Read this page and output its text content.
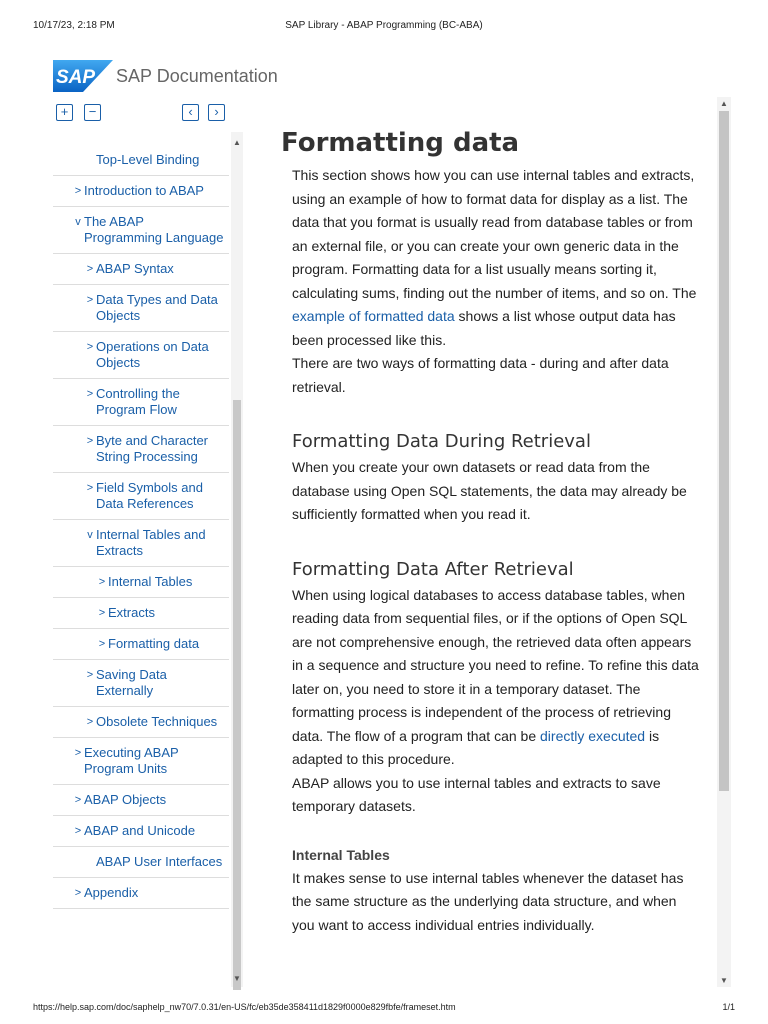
10/17/23, 2:18 PM	SAP Library - ABAP Programming (BC-ABA)
SAP SAP Documentation
+	−	‹	›
Top-Level Binding
> Introduction to ABAP
v The ABAP Programming Language
> ABAP Syntax
> Data Types and Data Objects
> Operations on Data Objects
> Controlling the Program Flow
> Byte and Character String Processing
> Field Symbols and Data References
v Internal Tables and Extracts
> Internal Tables
> Extracts
> Formatting data
> Saving Data Externally
> Obsolete Techniques
> Executing ABAP Program Units
> ABAP Objects
> ABAP and Unicode
ABAP User Interfaces
> Appendix
▲
▼
Formatting data

This section shows how you can use internal tables and extracts, using an example of how to format data for display as a list. The data that you format is usually read from database tables or from an external file, or you can create your own generic data in the program. Formatting data for a list usually means sorting it, calculating sums, finding out the number of items, and so on. The example of formatted data shows a list whose output data has been processed like this.

There are two ways of formatting data - during and after data retrieval.

Formatting Data During Retrieval

When you create your own datasets or read data from the database using Open SQL statements, the data may already be sufficiently formatted when you read it.

Formatting Data After Retrieval

When using logical databases to access database tables, when reading data from sequential files, or if the options of Open SQL are not comprehensive enough, the retrieved data often appears in a sequence and structure you need to refine. To refine this data later on, you need to store it in a temporary dataset. The formatting process is independent of the process of retrieving data. The flow of a program that can be directly executed is adapted to this procedure.

ABAP allows you to use internal tables and extracts to save temporary datasets.

Internal Tables

It makes sense to use internal tables whenever the dataset has the same structure as the underlying data structure, and when you want to access individual entries individually.

▲
▼
https://help.sap.com/doc/saphelp_nw70/7.0.31/en-US/fc/eb35de358411d1829f0000e829fbfe/frameset.htm	1/1
